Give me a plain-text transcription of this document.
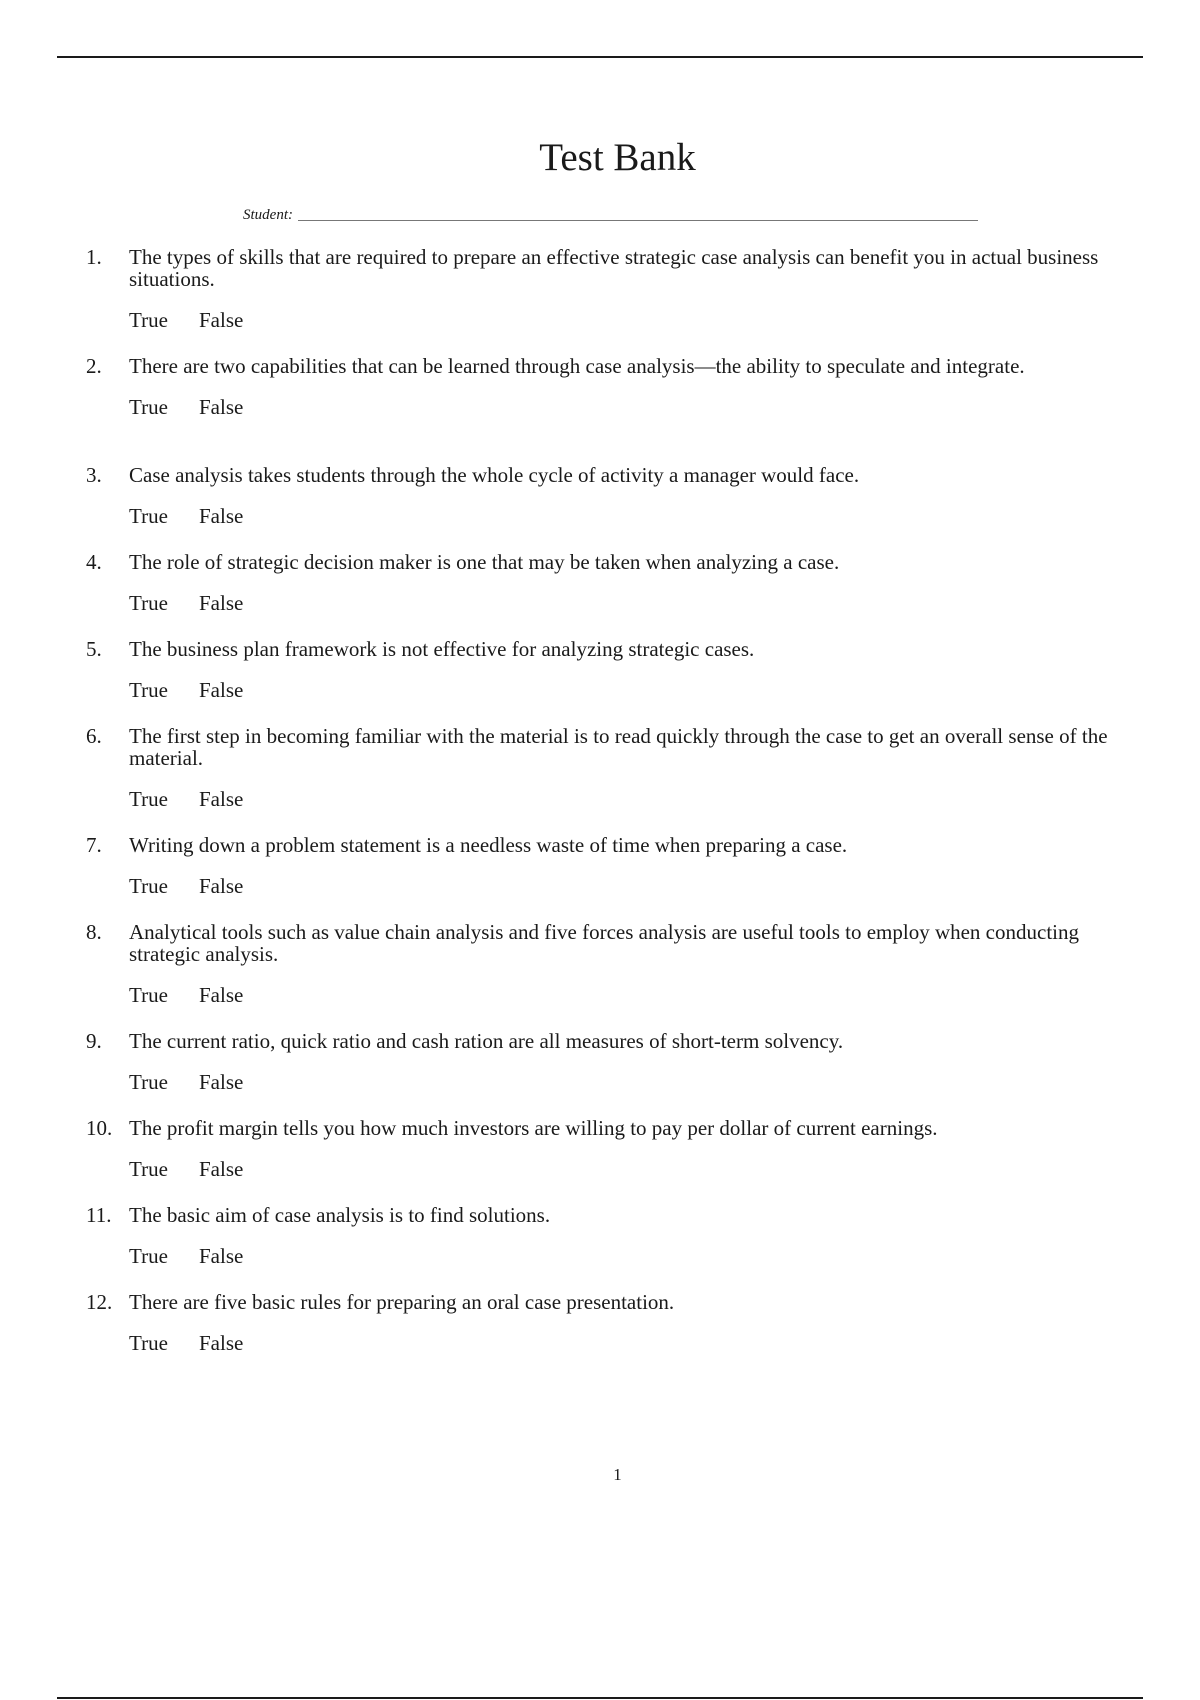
Test Bank
Student:
1.	The types of skills that are required to prepare an effective strategic case analysis can benefit you in actual business situations.
True	False
2.	There are two capabilities that can be learned through case analysis—the ability to speculate and integrate.
True	False
3.	Case analysis takes students through the whole cycle of activity a manager would face.
True	False
4.	The role of strategic decision maker is one that may be taken when analyzing a case.
True	False
5.	The business plan framework is not effective for analyzing strategic cases.
True	False
6.	The first step in becoming familiar with the material is to read quickly through the case to get an overall sense of the material.
True	False
7.	Writing down a problem statement is a needless waste of time when preparing a case.
True	False
8.	Analytical tools such as value chain analysis and five forces analysis are useful tools to employ when conducting strategic analysis.
True	False
9.	The current ratio, quick ratio and cash ration are all measures of short-term solvency.
True	False
10. The profit margin tells you how much investors are willing to pay per dollar of current earnings.
True	False
11. The basic aim of case analysis is to find solutions.
True	False
12. There are five basic rules for preparing an oral case presentation.
True	False
1
